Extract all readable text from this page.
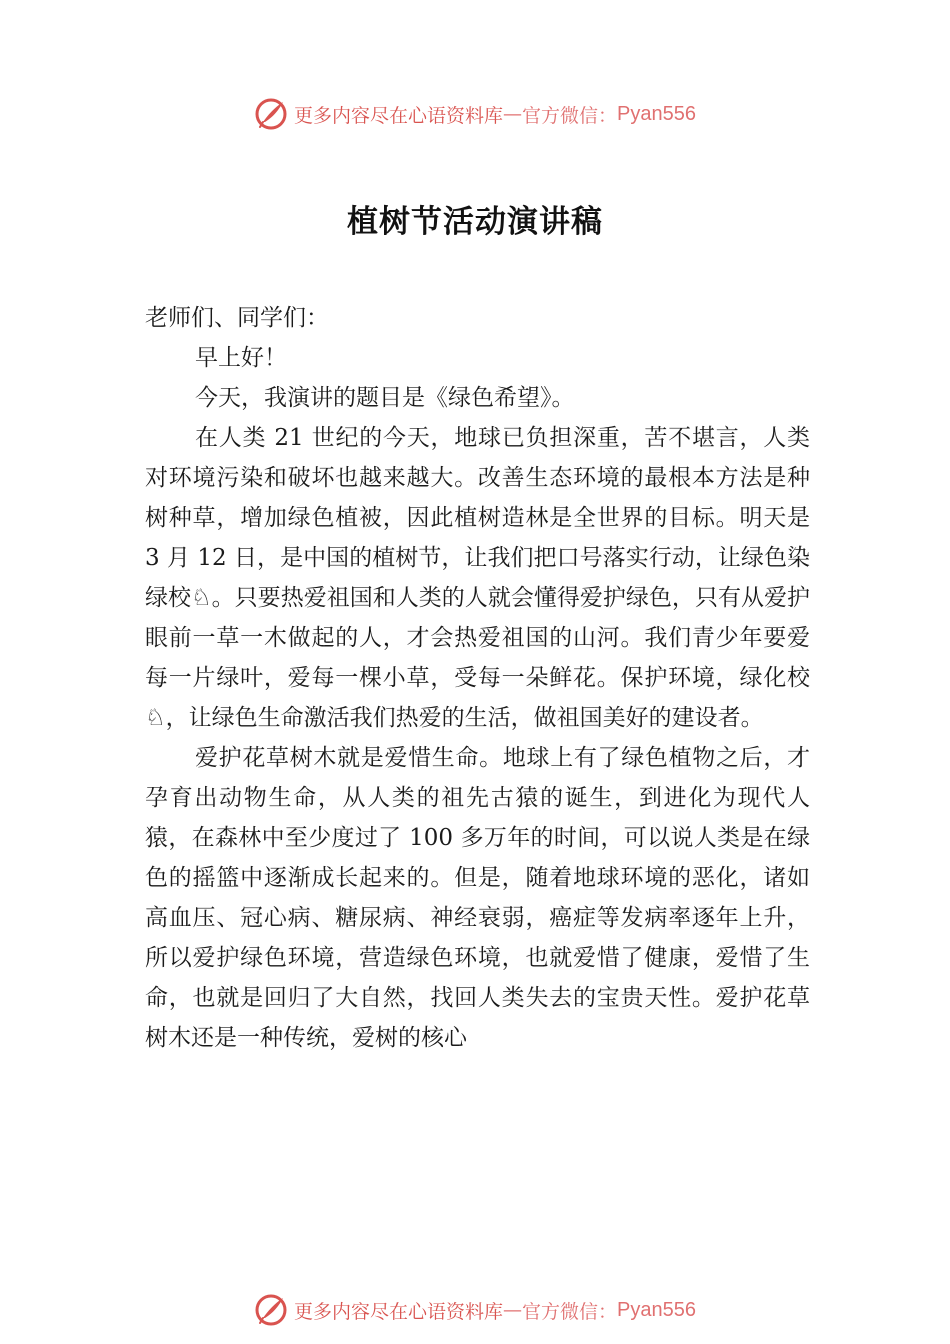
更多内容尽在心语资料库 — 官方微信： Pyan556
植树节活动演讲稿

老师们、同学们：

早上好！

今天，我演讲的题目是《绿色希望》。

在人类 21 世纪的今天，地球已负担深重，苦不堪言，人类对环境污染和破坏也越来越大。改善生态环境的最根本方法是种树种草，增加绿色植被，因此植树造林是全世界的目标。明天是 3 月 12 日，是中国的植树节，让我们把口号落实行动，让绿色染绿校♘。只要热爱祖国和人类的人就会懂得爱护绿色，只有从爱护眼前一草一木做起的人，才会热爱祖国的山河。我们青少年要爱每一片绿叶，爱每一棵小草，受每一朵鲜花。保护环境，绿化校♘，让绿色生命激活我们热爱的生活，做祖国美好的建设者。

爱护花草树木就是爱惜生命。地球上有了绿色植物之后，才孕育出动物生命，从人类的祖先古猿的诞生，到进化为现代人猿，在森林中至少度过了 100 多万年的时间，可以说人类是在绿色的摇篮中逐渐成长起来的。但是，随着地球环境的恶化，诸如高血压、冠心病、糖尿病、神经衰弱，癌症等发病率逐年上升，所以爱护绿色环境，营造绿色环境，也就爱惜了健康，爱惜了生命，也就是回归了大自然，找回人类失去的宝贵天性。爱护花草树木还是一种传统，爱树的核心

更多内容尽在心语资料库 — 官方微信： Pyan556
